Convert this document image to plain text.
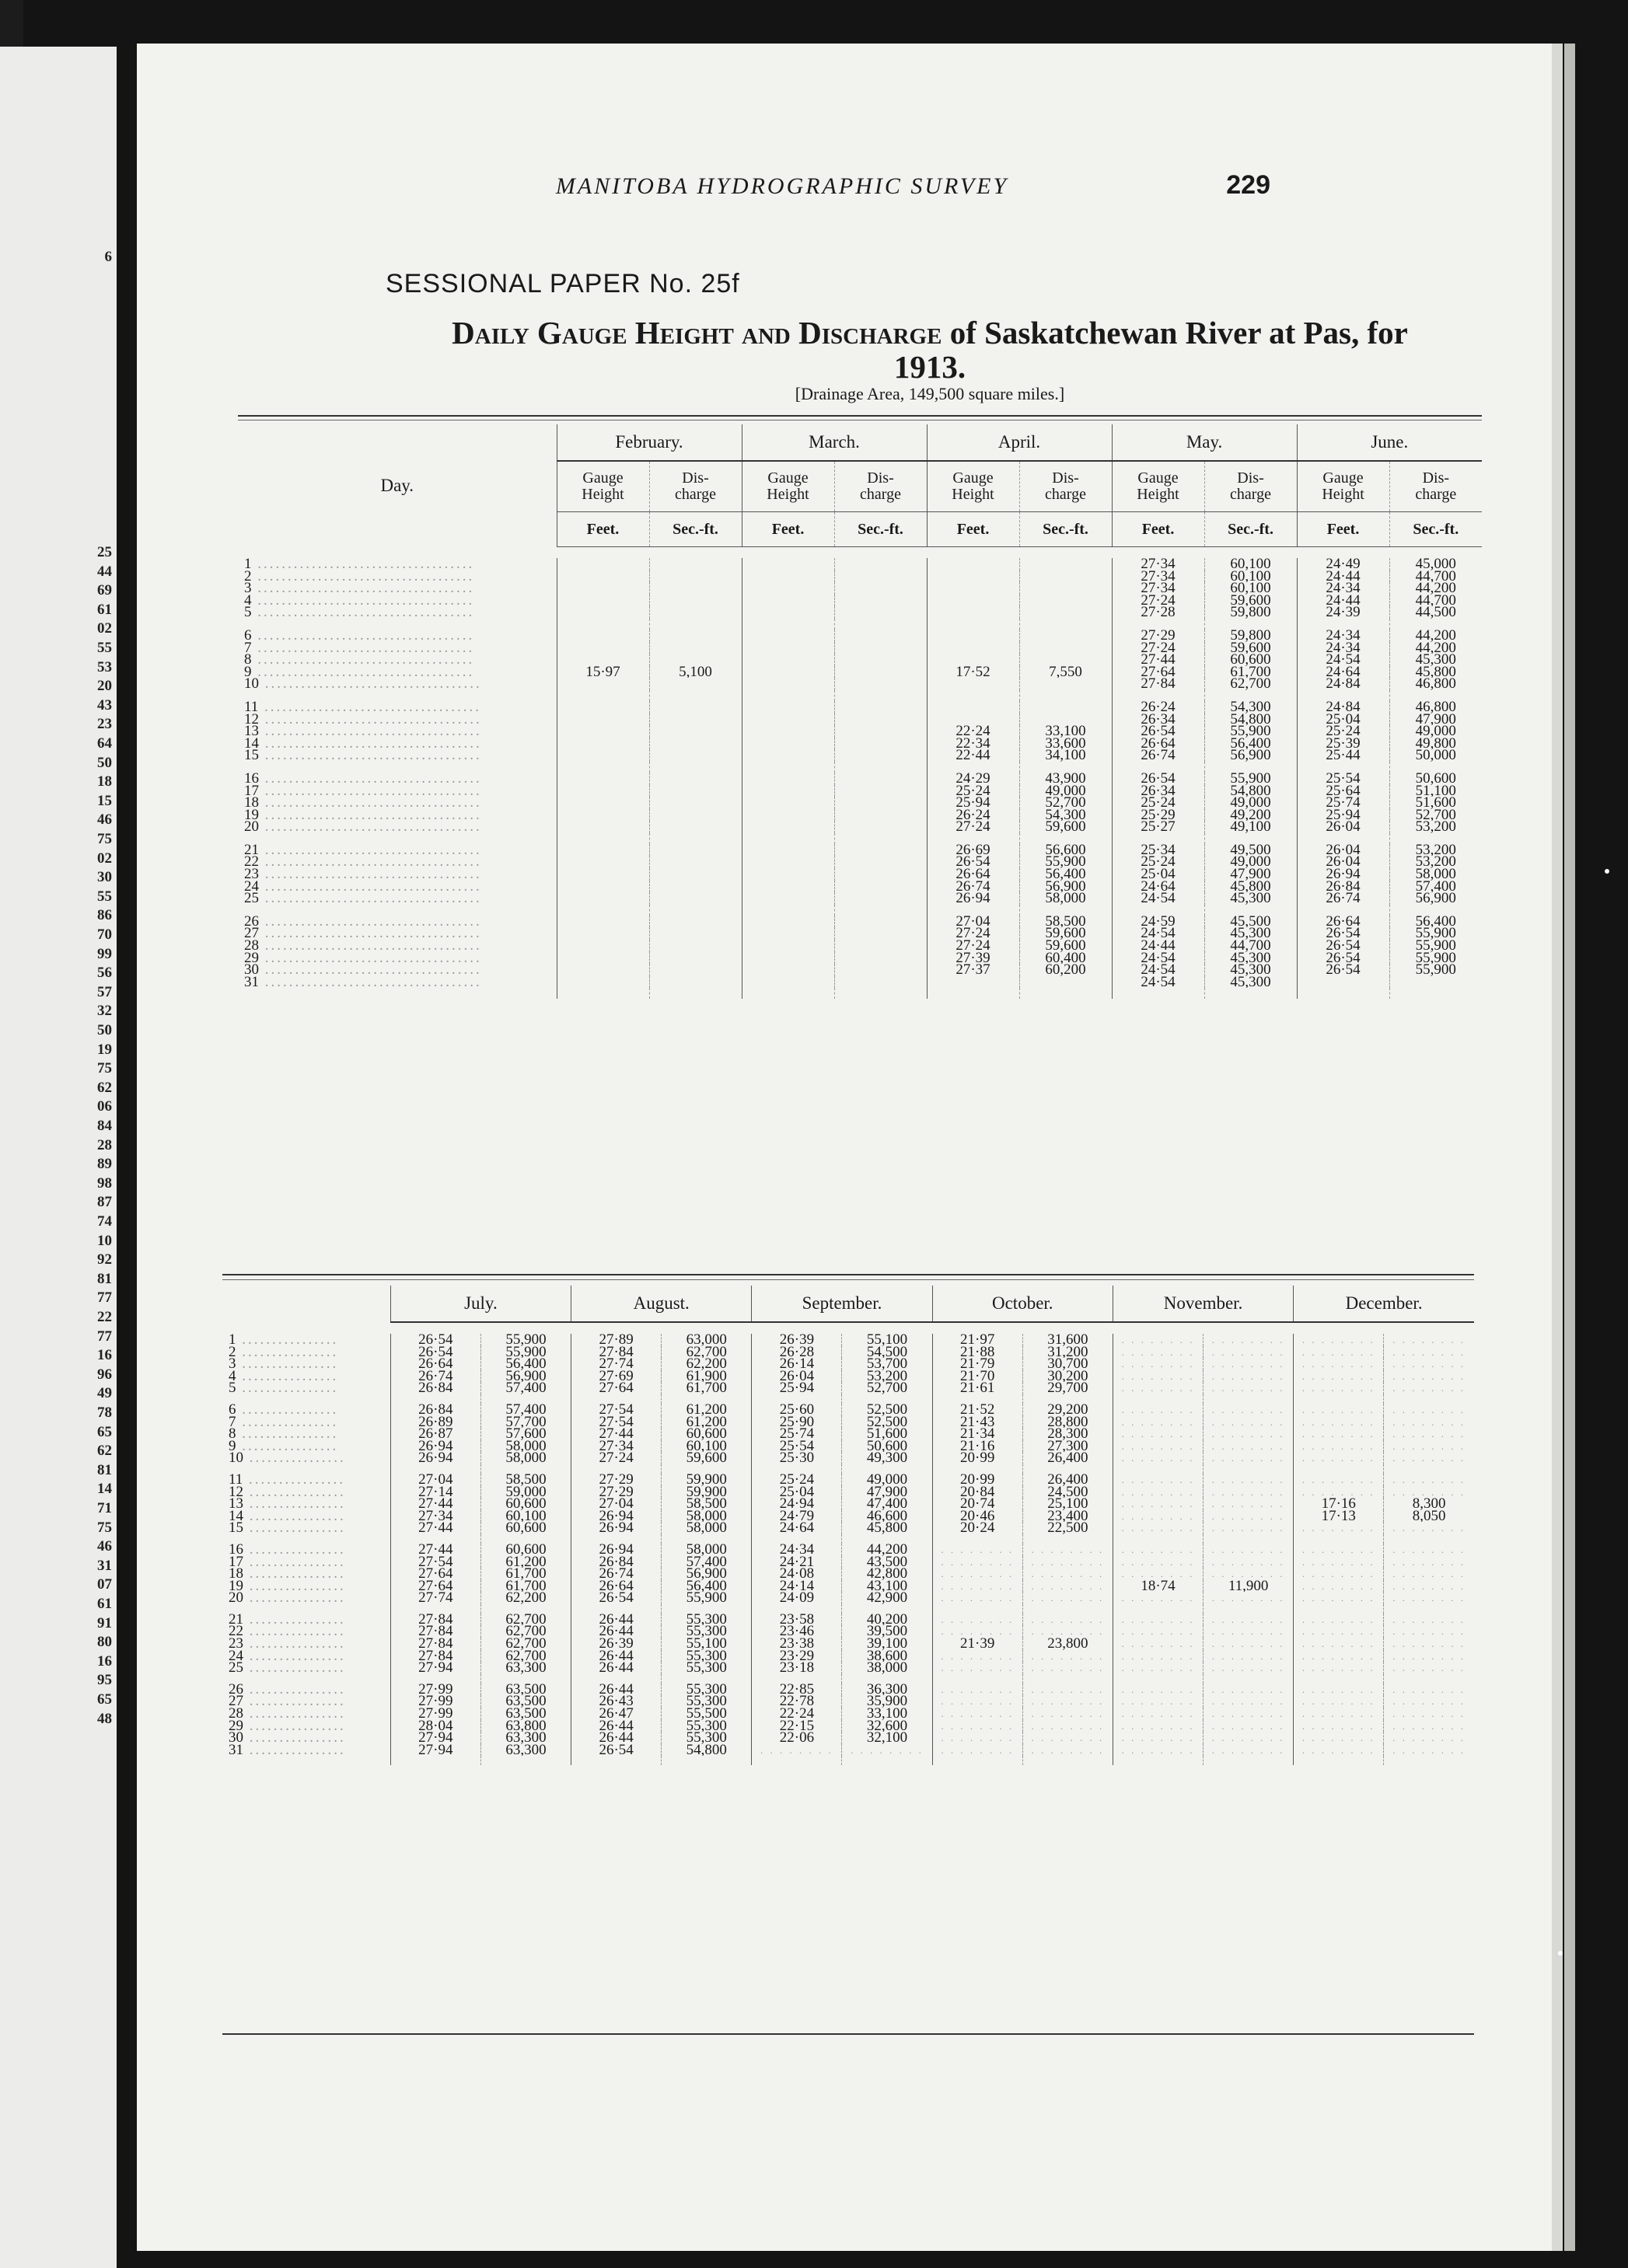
6
25
44
69
61
02
55
53
20
43
23
64
50
18
15
46
75
02
30
55
86
70
99
56
57
32
50
19
75
62
06
84
28
89
98
87
74
10
92
81
77
22
77
16
96
49
78
65
62
81
14
71
75
46
31
07
61
91
80
16
95
65
48
MANITOBA HYDROGRAPHIC SURVEY	229
SESSIONAL PAPER No. 25f
Daily Gauge Height and Discharge of Saskatchewan River at Pas, for
1913.
[Drainage Area, 149,500 square miles.]
Day.	February.		March.		April.		May.		June.	
	Gauge
Height	Dis-
charge	Gauge
Height	Dis-
charge	Gauge
Height	Dis-
charge	Gauge
Height	Dis-
charge	Gauge
Height	Dis-
charge
	Feet.	Sec.-ft.	Feet.	Sec.-ft.	Feet.	Sec.-ft.	Feet.	Sec.-ft.	Feet.	Sec.-ft.

1 ....................................							27·34	60,100	24·49	45,000
2 ....................................							27·34	60,100	24·44	44,700
3 ....................................							27·34	60,100	24·34	44,200
4 ....................................							27·24	59,600	24·44	44,700
5 ....................................							27·28	59,800	24·39	44,500

6 ....................................							27·29	59,800	24·34	44,200
7 ....................................							27·24	59,600	24·34	44,200
8 ....................................							27·44	60,600	24·54	45,300
9 ....................................	15·97	5,100			17·52	7,550	27·64	61,700	24·64	45,800
10 ....................................							27·84	62,700	24·84	46,800

11 ....................................							26·24	54,300	24·84	46,800
12 ....................................							26·34	54,800	25·04	47,900
13 ....................................					22·24	33,100	26·54	55,900	25·24	49,000
14 ....................................					22·34	33,600	26·64	56,400	25·39	49,800
15 ....................................					22·44	34,100	26·74	56,900	25·44	50,000

16 ....................................					24·29	43,900	26·54	55,900	25·54	50,600
17 ....................................					25·24	49,000	26·34	54,800	25·64	51,100
18 ....................................					25·94	52,700	25·24	49,000	25·74	51,600
19 ....................................					26·24	54,300	25·29	49,200	25·94	52,700
20 ....................................					27·24	59,600	25·27	49,100	26·04	53,200

21 ....................................					26·69	56,600	25·34	49,500	26·04	53,200
22 ....................................					26·54	55,900	25·24	49,000	26·04	53,200
23 ....................................					26·64	56,400	25·04	47,900	26·94	58,000
24 ....................................					26·74	56,900	24·64	45,800	26·84	57,400
25 ....................................					26·94	58,000	24·54	45,300	26·74	56,900

26 ....................................					27·04	58,500	24·59	45,500	26·64	56,400
27 ....................................					27·24	59,600	24·54	45,300	26·54	55,900
28 ....................................					27·24	59,600	24·44	44,700	26·54	55,900
29 ....................................					27·39	60,400	24·54	45,300	26·54	55,900
30 ....................................					27·37	60,200	24·54	45,300	26·54	55,900
31 ....................................							24·54	45,300		

	July.		August.		September.		October.		November.		December.	

1 ................	26·54	55,900	27·89	63,000	26·39	55,100	21·97	31,600	. . . . . . . .	. . . . . . . .	. . . . . . . .	. . . . . . . .
2 ................	26·54	55,900	27·84	62,700	26·28	54,500	21·88	31,200	. . . . . . . .	. . . . . . . .	. . . . . . . .	. . . . . . . .
3 ................	26·64	56,400	27·74	62,200	26·14	53,700	21·79	30,700	. . . . . . . .	. . . . . . . .	. . . . . . . .	. . . . . . . .
4 ................	26·74	56,900	27·69	61,900	26·04	53,200	21·70	30,200	. . . . . . . .	. . . . . . . .	. . . . . . . .	. . . . . . . .
5 ................	26·84	57,400	27·64	61,700	25·94	52,700	21·61	29,700	. . . . . . . .	. . . . . . . .	. . . . . . . .	. . . . . . . .

6 ................	26·84	57,400	27·54	61,200	25·60	52,500	21·52	29,200	. . . . . . . .	. . . . . . . .	. . . . . . . .	. . . . . . . .
7 ................	26·89	57,700	27·54	61,200	25·90	52,500	21·43	28,800	. . . . . . . .	. . . . . . . .	. . . . . . . .	. . . . . . . .
8 ................	26·87	57,600	27·44	60,600	25·74	51,600	21·34	28,300	. . . . . . . .	. . . . . . . .	. . . . . . . .	. . . . . . . .
9 ................	26·94	58,000	27·34	60,100	25·54	50,600	21·16	27,300	. . . . . . . .	. . . . . . . .	. . . . . . . .	. . . . . . . .
10 ................	26·94	58,000	27·24	59,600	25·30	49,300	20·99	26,400	. . . . . . . .	. . . . . . . .	. . . . . . . .	. . . . . . . .

11 ................	27·04	58,500	27·29	59,900	25·24	49,000	20·99	26,400	. . . . . . . .	. . . . . . . .	. . . . . . . .	. . . . . . . .
12 ................	27·14	59,000	27·29	59,900	25·04	47,900	20·84	24,500	. . . . . . . .	. . . . . . . .	. . . . . . . .	. . . . . . . .
13 ................	27·44	60,600	27·04	58,500	24·94	47,400	20·74	25,100	. . . . . . . .	. . . . . . . .	17·16	8,300
14 ................	27·34	60,100	26·94	58,000	24·79	46,600	20·46	23,400	. . . . . . . .	. . . . . . . .	17·13	8,050
15 ................	27·44	60,600	26·94	58,000	24·64	45,800	20·24	22,500	. . . . . . . .	. . . . . . . .	. . . . . . . .	. . . . . . . .

16 ................	27·44	60,600	26·94	58,000	24·34	44,200	. . . . . . . .	. . . . . . . .	. . . . . . . .	. . . . . . . .	. . . . . . . .	. . . . . . . .
17 ................	27·54	61,200	26·84	57,400	24·21	43,500	. . . . . . . .	. . . . . . . .	. . . . . . . .	. . . . . . . .	. . . . . . . .	. . . . . . . .
18 ................	27·64	61,700	26·74	56,900	24·08	42,800	. . . . . . . .	. . . . . . . .	. . . . . . . .	. . . . . . . .	. . . . . . . .	. . . . . . . .
19 ................	27·64	61,700	26·64	56,400	24·14	43,100	. . . . . . . .	. . . . . . . .	18·74	11,900	. . . . . . . .	. . . . . . . .
20 ................	27·74	62,200	26·54	55,900	24·09	42,900	. . . . . . . .	. . . . . . . .	. . . . . . . .	. . . . . . . .	. . . . . . . .	. . . . . . . .

21 ................	27·84	62,700	26·44	55,300	23·58	40,200	. . . . . . . .	. . . . . . . .	. . . . . . . .	. . . . . . . .	. . . . . . . .	. . . . . . . .
22 ................	27·84	62,700	26·44	55,300	23·46	39,500	. . . . . . . .	. . . . . . . .	. . . . . . . .	. . . . . . . .	. . . . . . . .	. . . . . . . .
23 ................	27·84	62,700	26·39	55,100	23·38	39,100	21·39	23,800	. . . . . . . .	. . . . . . . .	. . . . . . . .	. . . . . . . .
24 ................	27·84	62,700	26·44	55,300	23·29	38,600	. . . . . . . .	. . . . . . . .	. . . . . . . .	. . . . . . . .	. . . . . . . .	. . . . . . . .
25 ................	27·94	63,300	26·44	55,300	23·18	38,000	. . . . . . . .	. . . . . . . .	. . . . . . . .	. . . . . . . .	. . . . . . . .	. . . . . . . .

26 ................	27·99	63,500	26·44	55,300	22·85	36,300	. . . . . . . .	. . . . . . . .	. . . . . . . .	. . . . . . . .	. . . . . . . .	. . . . . . . .
27 ................	27·99	63,500	26·43	55,300	22·78	35,900	. . . . . . . .	. . . . . . . .	. . . . . . . .	. . . . . . . .	. . . . . . . .	. . . . . . . .
28 ................	27·99	63,500	26·47	55,500	22·24	33,100	. . . . . . . .	. . . . . . . .	. . . . . . . .	. . . . . . . .	. . . . . . . .	. . . . . . . .
29 ................	28·04	63,800	26·44	55,300	22·15	32,600	. . . . . . . .	. . . . . . . .	. . . . . . . .	. . . . . . . .	. . . . . . . .	. . . . . . . .
30 ................	27·94	63,300	26·44	55,300	22·06	32,100	. . . . . . . .	. . . . . . . .	. . . . . . . .	. . . . . . . .	. . . . . . . .	. . . . . . . .
31 ................	27·94	63,300	26·54	54,800	. . . . . . . .	. . . . . . . .	. . . . . . . .	. . . . . . . .	. . . . . . . .	. . . . . . . .	. . . . . . . .	. . . . . . . .
